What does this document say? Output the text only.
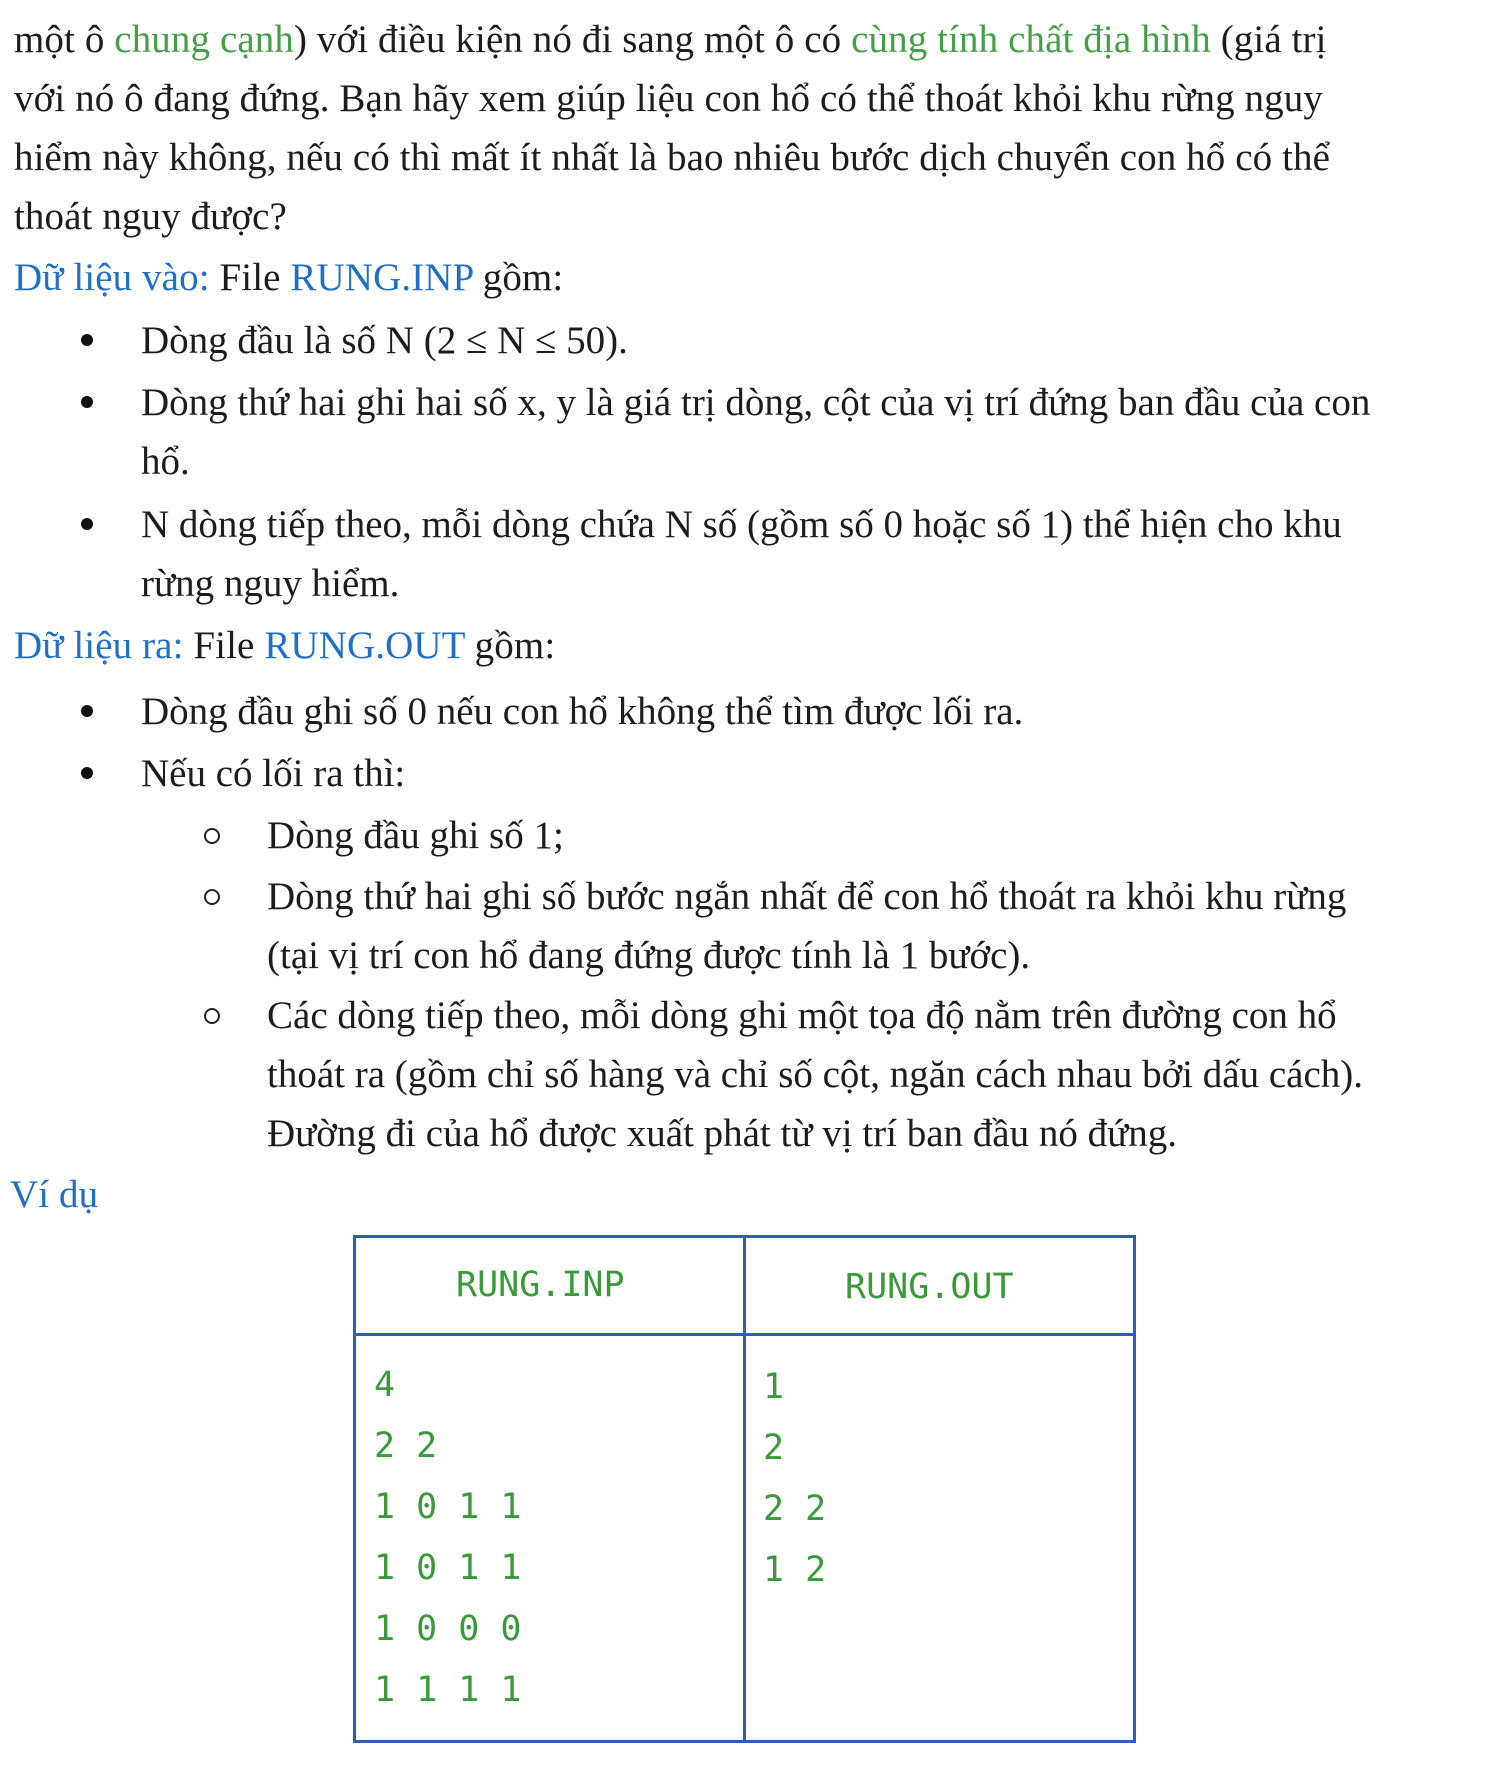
một ô chung cạnh) với điều kiện nó đi sang một ô có cùng tính chất địa hình (giá trị
với nó ô đang đứng. Bạn hãy xem giúp liệu con hổ có thể thoát khỏi khu rừng nguy
hiểm này không, nếu có thì mất ít nhất là bao nhiêu bước dịch chuyển con hổ có thể
thoát nguy được?
Dữ liệu vào: File RUNG.INP gồm:
Dòng đầu là số N (2 ≤ N ≤ 50).
Dòng thứ hai ghi hai số x, y là giá trị dòng, cột của vị trí đứng ban đầu của con
hổ.
N dòng tiếp theo, mỗi dòng chứa N số (gồm số 0 hoặc số 1) thể hiện cho khu
rừng nguy hiểm.
Dữ liệu ra: File RUNG.OUT gồm:
Dòng đầu ghi số 0 nếu con hổ không thể tìm được lối ra.
Nếu có lối ra thì:
Dòng đầu ghi số 1;
Dòng thứ hai ghi số bước ngắn nhất để con hổ thoát ra khỏi khu rừng
(tại vị trí con hổ đang đứng được tính là 1 bước).
Các dòng tiếp theo, mỗi dòng ghi một tọa độ nằm trên đường con hổ
thoát ra (gồm chỉ số hàng và chỉ số cột, ngăn cách nhau bởi dấu cách).
Đường đi của hổ được xuất phát từ vị trí ban đầu nó đứng.
Ví dụ
RUNG.INP	RUNG.OUT
4
2 2
1 0 1 1
1 0 1 1
1 0 0 0
1 1 1 1
1
2
2 2
1 2
